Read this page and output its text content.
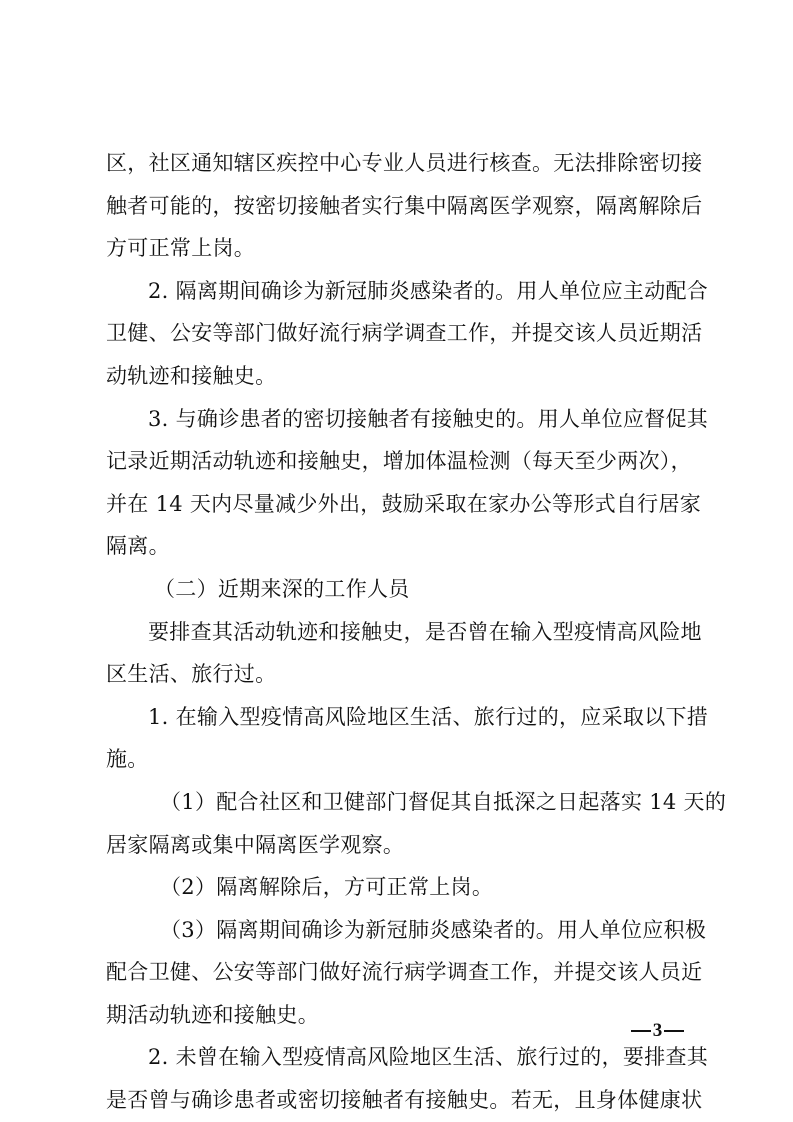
区，社区通知辖区疾控中心专业人员进行核查。无法排除密切接
触者可能的，按密切接触者实行集中隔离医学观察，隔离解除后
方可正常上岗。
2. 隔离期间确诊为新冠肺炎感染者的。用人单位应主动配合
卫健、公安等部门做好流行病学调查工作，并提交该人员近期活
动轨迹和接触史。
3. 与确诊患者的密切接触者有接触史的。用人单位应督促其
记录近期活动轨迹和接触史，增加体温检测（每天至少两次），
并在 14 天内尽量减少外出，鼓励采取在家办公等形式自行居家
隔离。
（二）近期来深的工作人员
要排查其活动轨迹和接触史，是否曾在输入型疫情高风险地
区生活、旅行过。
1. 在输入型疫情高风险地区生活、旅行过的，应采取以下措
施。
（1）配合社区和卫健部门督促其自抵深之日起落实 14 天的
居家隔离或集中隔离医学观察。
（2）隔离解除后，方可正常上岗。
（3）隔离期间确诊为新冠肺炎感染者的。用人单位应积极
配合卫健、公安等部门做好流行病学调查工作，并提交该人员近
期活动轨迹和接触史。
2. 未曾在输入型疫情高风险地区生活、旅行过的，要排查其
是否曾与确诊患者或密切接触者有接触史。若无，且身体健康状
3
